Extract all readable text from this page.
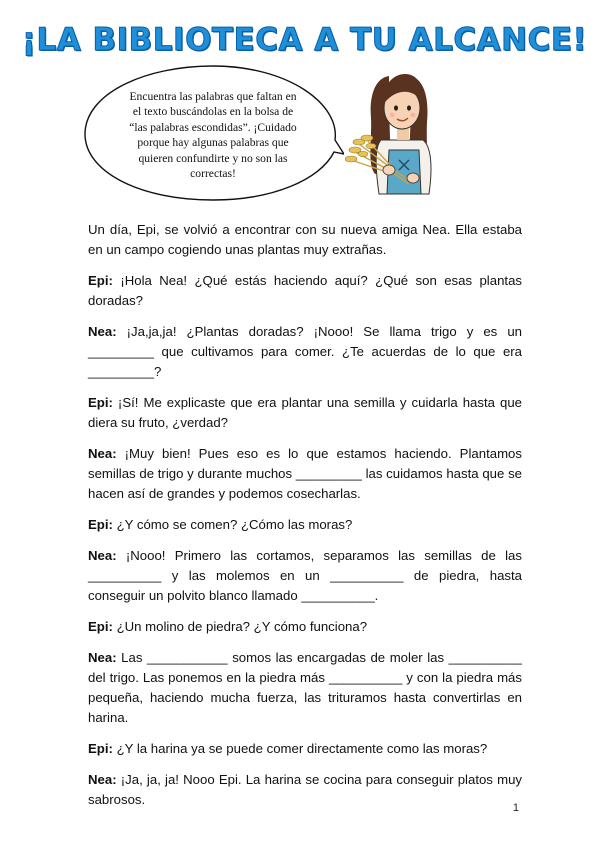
¡LA BIBLIOTECA A TU ALCANCE!
Encuentra las palabras que faltan en el texto buscándolas en la bolsa de “las palabras escondidas”. ¡Cuidado porque hay algunas palabras que quieren confundirte y no son las correctas!

Un día, Epi, se volvió a encontrar con su nueva amiga Nea. Ella estaba en un campo cogiendo unas plantas muy extrañas.

Epi: ¡Hola Nea! ¿Qué estás haciendo aquí? ¿Qué son esas plantas doradas?

Nea: ¡Ja,ja,ja! ¿Plantas doradas? ¡Nooo! Se llama trigo y es un _________ que cultivamos para comer. ¿Te acuerdas de lo que era _________?

Epi: ¡Sí! Me explicaste que era plantar una semilla y cuidarla hasta que diera su fruto, ¿verdad?

Nea: ¡Muy bien! Pues eso es lo que estamos haciendo. Plantamos semillas de trigo y durante muchos _________ las cuidamos hasta que se hacen así de grandes y podemos cosecharlas.

Epi: ¿Y cómo se comen? ¿Cómo las moras?

Nea: ¡Nooo! Primero las cortamos, separamos las semillas de las __________ y las molemos en un __________ de piedra, hasta conseguir un polvito blanco llamado __________.

Epi: ¿Un molino de piedra? ¿Y cómo funciona?

Nea: Las ___________ somos las encargadas de moler las __________ del trigo. Las ponemos en la piedra más __________ y con la piedra más pequeña, haciendo mucha fuerza, las trituramos hasta convertirlas en harina.

Epi: ¿Y la harina ya se puede comer directamente como las moras?

Nea: ¡Ja, ja, ja! Nooo Epi. La harina se cocina para conseguir platos muy sabrosos.

1
